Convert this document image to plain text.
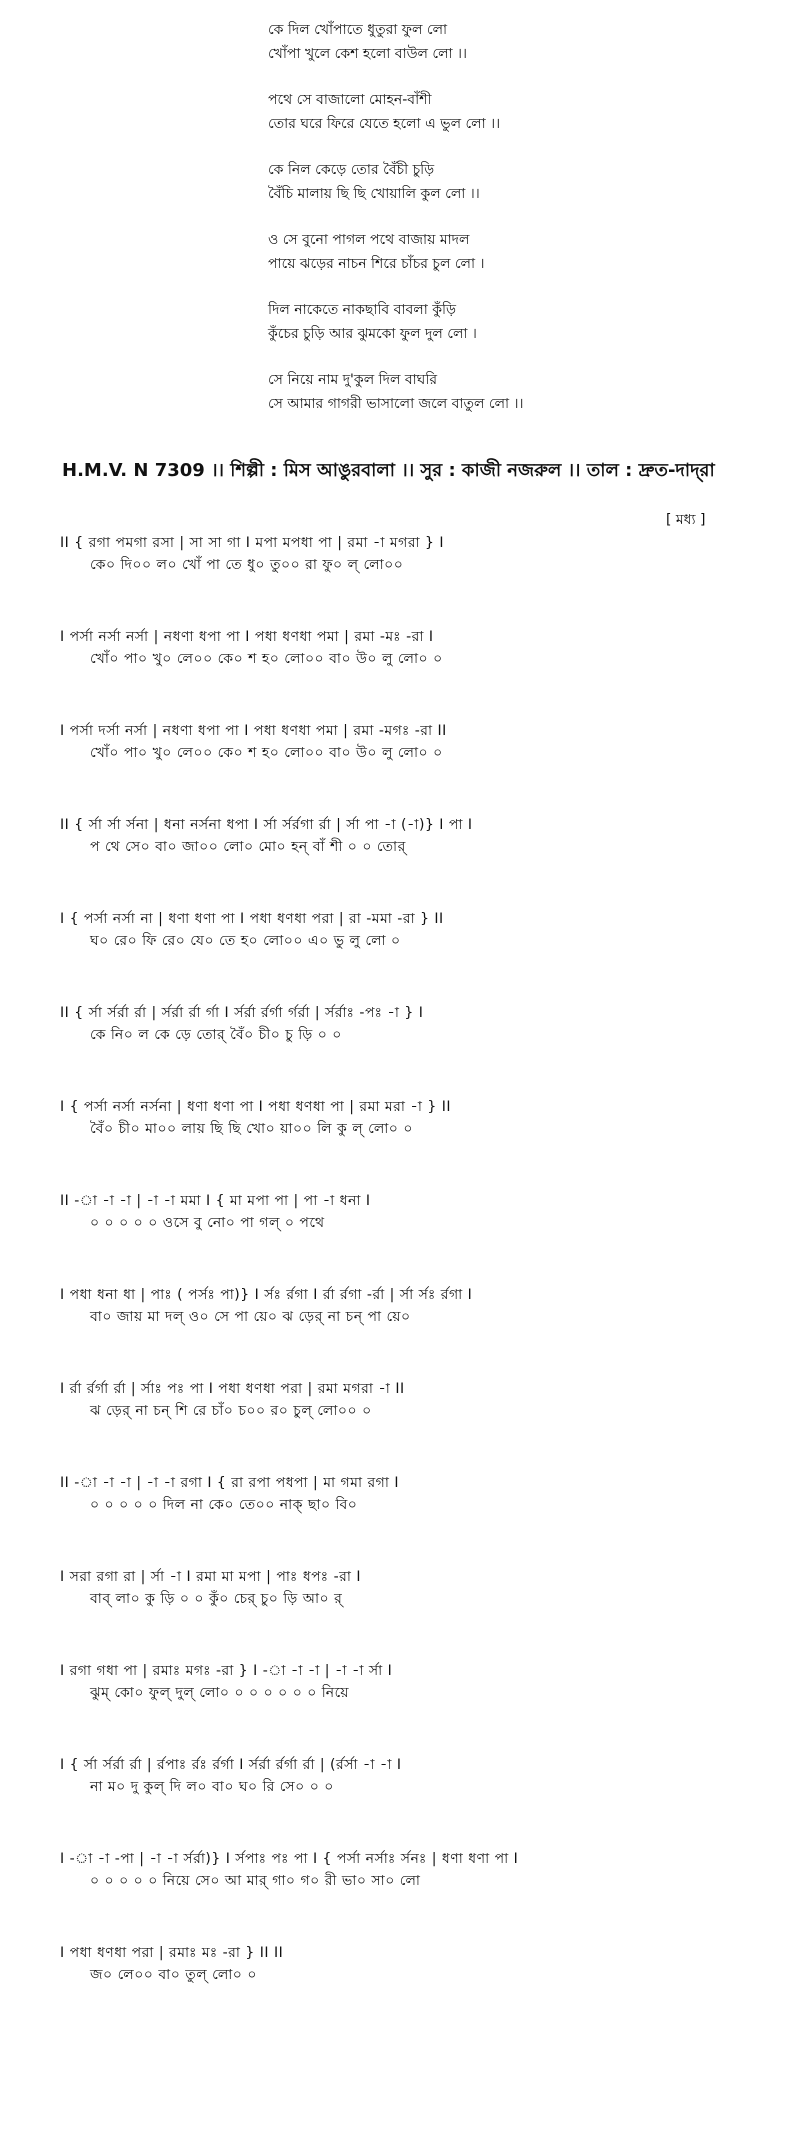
কে দিল খোঁপাতে ধুতুরা ফুল লো
খোঁপা খুলে কেশ হলো বাউল লো ।।
পথে সে বাজালো মোহন-বাঁশী
তোর ঘরে ফিরে যেতে হলো এ ভুল লো ।।
কে নিল কেড়ে তোর বৈঁচী চুড়ি
বৈঁচি মালায় ছি ছি খোয়ালি কুল লো ।।
ও সে বুনো পাগল পথে বাজায় মাদল
পায়ে ঝড়ের নাচন শিরে চাঁচর চুল লো ।
দিল নাকেতে নাকছাবি বাবলা কুঁড়ি
কুঁচের চুড়ি আর ঝুমকো ফুল দুল লো ।
সে নিয়ে নাম দু'কুল দিল বাঘরি
সে আমার গাগরী ভাসালো জলে বাতুল লো ।।
H.M.V. N 7309 ।। শিল্পী : মিস আঙুরবালা ।। সুর : কাজী নজরুল ।। তাল : দ্রুত-দাদ্‌রা
[ মধ্য ]
II { রগা পমগা রসা | সা সা গা I মপা মপধা পা | রমা -া মগরা } I
কে০ দি০০ ল০ খোঁ পা তে ধু০ তু০০ রা ফু০ ল্ লো০০
I পর্সা নর্সা নর্সা | নধণা ধপা পা I পধা ধণধা পমা | রমা -মঃ -রা I
খোঁ০ পা০ খু০ লে০০ কে০ শ হ০ লো০০ বা০ উ০ লু লো০ ০
I পর্সা দর্সা নর্সা | নধণা ধপা পা I পধা ধণধা পমা | রমা -মগঃ -রা II
খোঁ০ পা০ খু০ লে০০ কে০ শ হ০ লো০০ বা০ উ০ লু লো০ ০
II { র্সা র্সা র্সনা | ধনা নর্সনা ধপা I র্সা র্সর্রগা র্রা | র্সা পা -া (-া)} I পা I
প থে সে০ বা০ জা০০ লো০ মো০ হন্ বাঁ শী ০ ০ তোর্
I { পর্সা নর্সা না | ধণা ধণা পা I পধা ধণধা পরা | রা -মমা -রা } II
ঘ০ রে০ ফি রে০ যে০ তে হ০ লো০০ এ০ ভু লু লো ০
II { র্সা র্সর্রা র্রা | র্সর্রা র্রা র্গা I র্সর্রা র্রর্গা র্গর্রা | র্সর্রাঃ -পঃ -া } I
কে নি০ ল কে ড়ে তোর্ বৈঁ০ চী০ চু ড়ি ০ ০
I { পর্সা নর্সা নর্সনা | ধণা ধণা পা I পধা ধণধা পা | রমা মরা -া } II
বৈঁ০ চী০ মা০০ লায় ছি ছি খো০ য়া০০ লি কু ল্ লো০ ০
II -া -া -া | -া -া মমা I { মা মপা পা | পা -া ধনা I
০ ০ ০ ০ ০ ওসে বু নো০ পা গল্ ০ পথে
I পধা ধনা ধা | পাঃ ( পর্সঃ পা)} I র্সঃ র্রগা I র্রা র্রগা -র্রা | র্সা র্সঃ র্রগা I
বা০ জায় মা দল্ ও০ সে পা য়ে০ ঝ ড়ের্ না চন্ পা য়ে০
I র্রা র্রর্গা র্রা | র্সাঃ পঃ পা I পধা ধণধা পরা | রমা মগরা -া II
ঝ ড়ের্ না চন্ শি রে চাঁ০ চ০০ র০ চুল্ লো০০ ০
II -া -া -া | -া -া রগা I { রা রপা পধপা | মা গমা রগা I
০ ০ ০ ০ ০ দিল না কে০ তে০০ নাক্ ছা০ বি০
I সরা রগা রা | র্সা -া I রমা মা মপা | পাঃ ধপঃ -রা I
বাব্ লা০ কু ড়ি ০ ০ কুঁ০ চের্ চু০ ড়ি আ০ র্
I রগা গধা পা | রমাঃ মগঃ -রা } I -া -া -া | -া -া র্সা I
ঝুম্ কো০ ফুল্ দুল্ লো০ ০ ০ ০ ০ ০ ০ নিয়ে
I { র্সা র্সর্রা র্রা | র্রপাঃ র্রঃ র্রর্গা I র্সর্রা র্রর্গা র্রা | (র্রর্সা -া -া I
না ম০ দু কুল্ দি ল০ বা০ ঘ০ রি সে০ ০ ০
I -া -া -পা | -া -া র্সর্রা)} I র্সপাঃ পঃ পা I { পর্সা নর্সাঃ র্সনঃ | ধণা ধণা পা I
০ ০ ০ ০ ০ নিয়ে সে০ আ মার্ গা০ গ০ রী ভা০ সা০ লো
I পধা ধণধা পরা | রমাঃ মঃ -রা } II II
জ০ লে০০ বা০ তুল্ লো০ ০
